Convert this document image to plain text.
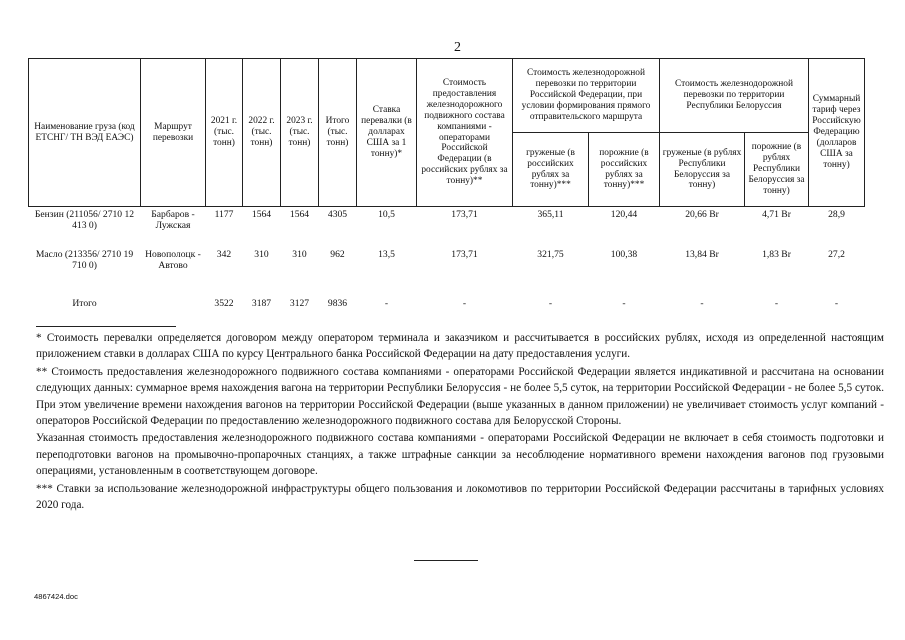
2
Наименование груза (код ЕТСНГ/ ТН ВЭД ЕАЭС)	Маршрут перевозки	2021 г. (тыс. тонн)	2022 г. (тыс. тонн)	2023 г. (тыс. тонн)	Итого (тыс. тонн)	Ставка перевалки (в долларах США за 1 тонну)*	Стоимость предоставления железнодорожного подвижного состава компаниями - операторами Российской Федерации (в российских рублях за тонну)**	Стоимость железнодорожной перевозки по территории Российской Федерации, при условии формирования прямого отправительского маршрута		Стоимость железнодорожной перевозки по территории Республики Белоруссия		Суммарный тариф через Российскую Федерацию (долларов США за тонну)
								груженые (в российских рублях за тонну)***	порожние (в российских рублях за тонну)***	груженые (в рублях Республики Белоруссия за тонну)	порожние (в рублях Республики Белоруссия за тонну)	
Бензин (211056/ 2710 12 413 0)	Барбаров - Лужская	1177	1564	1564	4305	10,5	173,71	365,11	120,44	20,66 Br	4,71 Br	28,9
Масло (213356/ 2710 19 710 0)	Новополоцк - Автово	342	310	310	962	13,5	173,71	321,75	100,38	13,84 Br	1,83 Br	27,2
Итого		3522	3187	3127	9836	-	-	-	-	-	-	-

* Стоимость перевалки определяется договором между оператором терминала и заказчиком и рассчитывается в российских рублях, исходя из определенной настоящим приложением ставки в долларах США по курсу Центрального банка Российской Федерации на дату предоставления услуги.

** Стоимость предоставления железнодорожного подвижного состава компаниями - операторами Российской Федерации является индикативной и рассчитана на основании следующих данных: суммарное время нахождения вагона на территории Республики Белоруссия - не более 5,5 суток, на территории Российской Федерации - не более 5,5 суток. При этом увеличение времени нахождения вагонов на территории Российской Федерации (выше указанных в данном приложении) не увеличивает стоимость услуг компаний - операторов Российской Федерации по предоставлению железнодорожного подвижного состава для Белорусской Стороны.

Указанная стоимость предоставления железнодорожного подвижного состава компаниями - операторами Российской Федерации не включает в себя стоимость подготовки и переподготовки вагонов на промывочно-пропарочных станциях, а также штрафные санкции за несоблюдение нормативного времени нахождения вагонов под грузовыми операциями, установленным в соответствующем договоре.

*** Ставки за использование железнодорожной инфраструктуры общего пользования и локомотивов по территории Российской Федерации рассчитаны в тарифных условиях 2020 года.

4867424.doc
